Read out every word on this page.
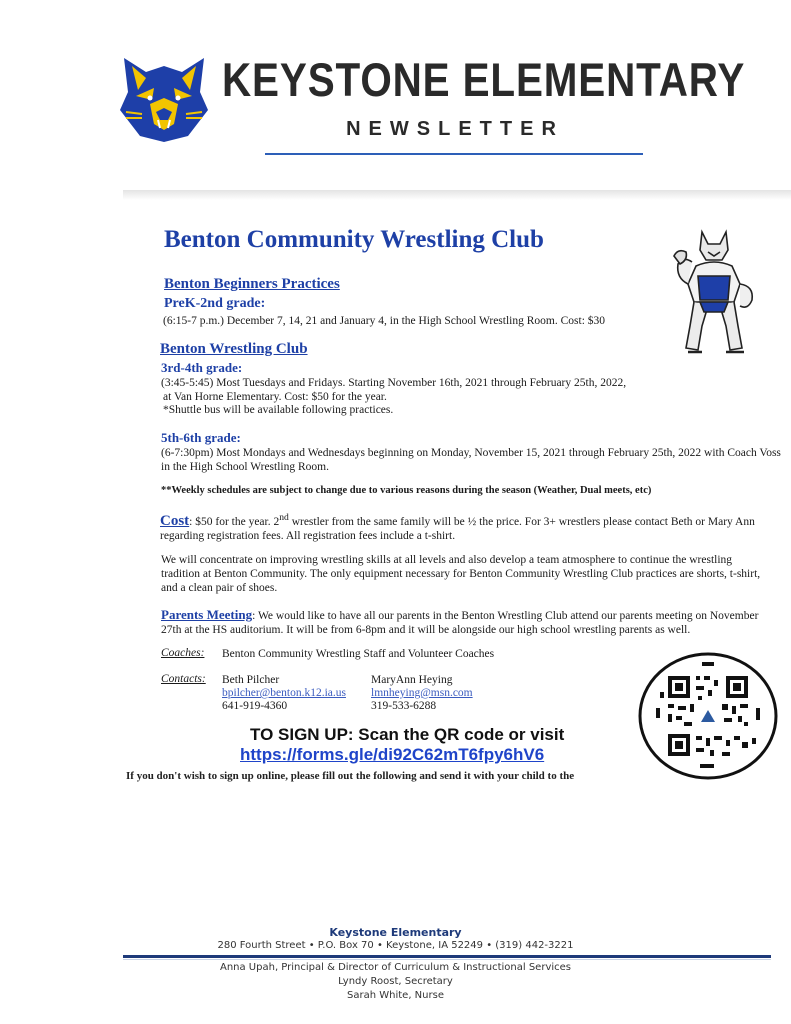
KEYSTONE ELEMENTARY
NEWSLETTER
Benton Community Wrestling Club
Benton Beginners Practices
PreK-2nd grade:
(6:15-7 p.m.) December 7, 14, 21 and January 4, in the High School Wrestling Room. Cost: $30
Benton Wrestling Club
3rd-4th grade:
(3:45-5:45) Most Tuesdays and Fridays. Starting November 16th, 2021 through February 25th, 2022,
at Van Horne Elementary. Cost: $50 for the year.
*Shuttle bus will be available following practices.
5th-6th grade:
(6-7:30pm) Most Mondays and Wednesdays beginning on Monday, November 15, 2021 through February 25th, 2022 with Coach Voss
in the High School Wrestling Room.
**Weekly schedules are subject to change due to various reasons during the season (Weather, Dual meets, etc)
Cost: $50 for the year. 2nd wrestler from the same family will be ½ the price. For 3+ wrestlers please contact Beth or Mary Ann regarding registration fees. All registration fees include a t-shirt.
We will concentrate on improving wrestling skills at all levels and also develop a team atmosphere to continue the wrestling tradition at Benton Community. The only equipment necessary for Benton Community Wrestling Club practices are shorts, t-shirt, and a clean pair of shoes.
Parents Meeting: We would like to have all our parents in the Benton Wrestling Club attend our parents meeting on November 27th at the HS auditorium. It will be from 6-8pm and it will be alongside our high school wrestling parents as well.
Coaches: Benton Community Wrestling Staff and Volunteer Coaches
Contacts: Beth Pilcher
bpilcher@benton.k12.ia.us
641-919-4360
MaryAnn Heying
lmnheying@msn.com
319-533-6288
TO SIGN UP: Scan the QR code or visit
https://forms.gle/di92C62mT6fpy6hV6
If you don't wish to sign up online, please fill out the following and send it with your child to the
Keystone Elementary
280 Fourth Street • P.O. Box 70 • Keystone, IA 52249 • (319) 442-3221
Anna Upah, Principal & Director of Curriculum & Instructional Services
Lyndy Roost, Secretary
Sarah White, Nurse
